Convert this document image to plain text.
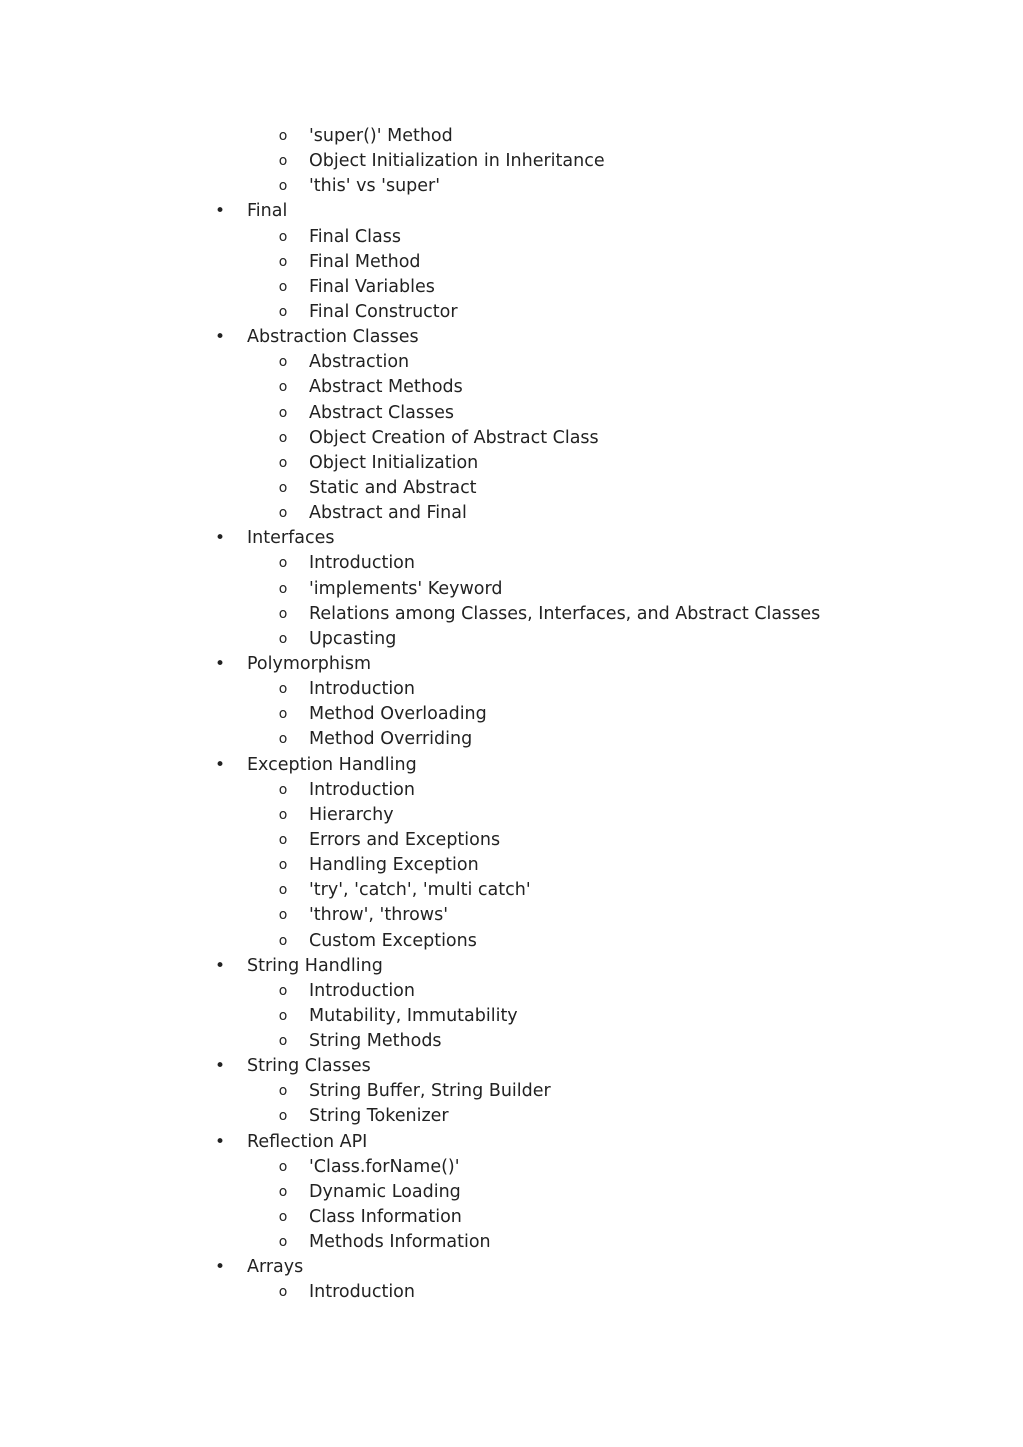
o 'super()' Method
o Object Initialization in Inheritance
o 'this' vs 'super'
• Final
o Final Class
o Final Method
o Final Variables
o Final Constructor
• Abstraction Classes
o Abstraction
o Abstract Methods
o Abstract Classes
o Object Creation of Abstract Class
o Object Initialization
o Static and Abstract
o Abstract and Final
• Interfaces
o Introduction
o 'implements' Keyword
o Relations among Classes, Interfaces, and Abstract Classes
o Upcasting
• Polymorphism
o Introduction
o Method Overloading
o Method Overriding
• Exception Handling
o Introduction
o Hierarchy
o Errors and Exceptions
o Handling Exception
o 'try', 'catch', 'multi catch'
o 'throw', 'throws'
o Custom Exceptions
• String Handling
o Introduction
o Mutability, Immutability
o String Methods
• String Classes
o String Buffer, String Builder
o String Tokenizer
• Reflection API
o 'Class.forName()'
o Dynamic Loading
o Class Information
o Methods Information
• Arrays
o Introduction
